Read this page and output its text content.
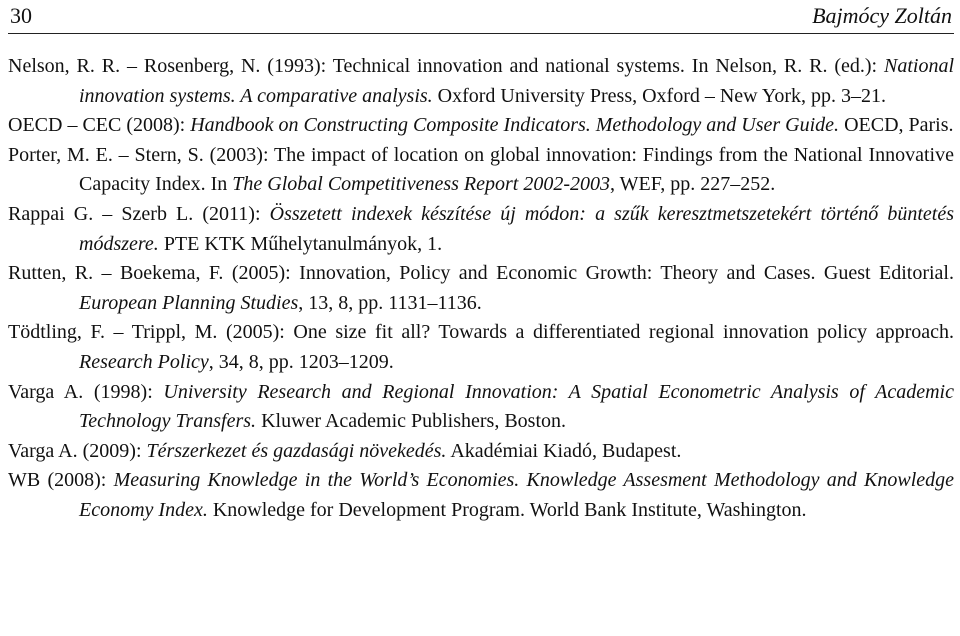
30	Bajmócy Zoltán
Nelson, R. R. – Rosenberg, N. (1993): Technical innovation and national systems. In Nelson, R. R. (ed.): National innovation systems. A comparative analysis. Oxford University Press, Oxford – New York, pp. 3–21.
OECD – CEC (2008): Handbook on Constructing Composite Indicators. Methodology and User Guide. OECD, Paris.
Porter, M. E. – Stern, S. (2003): The impact of location on global innovation: Findings from the National Innovative Capacity Index. In The Global Competitiveness Report 2002-2003, WEF, pp. 227–252.
Rappai G. – Szerb L. (2011): Összetett indexek készítése új módon: a szűk keresztmetszetekért történő büntetés módszere. PTE KTK Műhelytanulmányok, 1.
Rutten, R. – Boekema, F. (2005): Innovation, Policy and Economic Growth: Theory and Cases. Guest Editorial. European Planning Studies, 13, 8, pp. 1131–1136.
Tödtling, F. – Trippl, M. (2005): One size fit all? Towards a differentiated regional innovation policy approach. Research Policy, 34, 8, pp. 1203–1209.
Varga A. (1998): University Research and Regional Innovation: A Spatial Econometric Analysis of Academic Technology Transfers. Kluwer Academic Publishers, Boston.
Varga A. (2009): Térszerkezet és gazdasági növekedés. Akadémiai Kiadó, Budapest.
WB (2008): Measuring Knowledge in the World’s Economies. Knowledge Assesment Methodology and Knowledge Economy Index. Knowledge for Development Program. World Bank Institute, Washington.
